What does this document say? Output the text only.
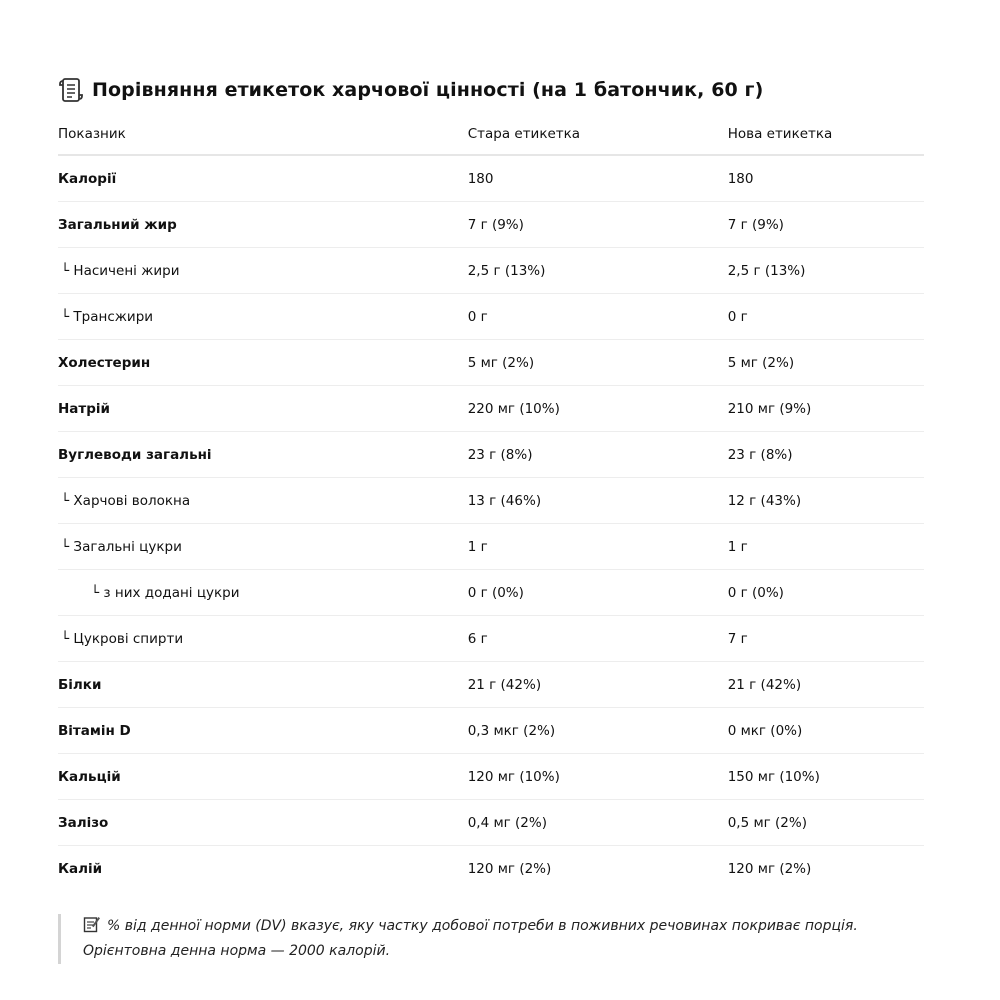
Порівняння етикеток харчової цінності (на 1 батончик, 60 г)
Показник	Стара етикетка	Нова етикетка
Калорії	180	180
Загальний жир	7 г (9%)	7 г (9%)
└ Насичені жири	2,5 г (13%)	2,5 г (13%)
└ Трансжири	0 г	0 г
Холестерин	5 мг (2%)	5 мг (2%)
Натрій	220 мг (10%)	210 мг (9%)
Вуглеводи загальні	23 г (8%)	23 г (8%)
└ Харчові волокна	13 г (46%)	12 г (43%)
└ Загальні цукри	1 г	1 г
└ з них додані цукри	0 г (0%)	0 г (0%)
└ Цукрові спирти	6 г	7 г
Білки	21 г (42%)	21 г (42%)
Вітамін D	0,3 мкг (2%)	0 мкг (0%)
Кальцій	120 мг (10%)	150 мг (10%)
Залізо	0,4 мг (2%)	0,5 мг (2%)
Калій	120 мг (2%)	120 мг (2%)
% від денної норми (DV) вказує, яку частку добової потреби в поживних речовинах покриває порція. Орієнтовна денна норма — 2000 калорій.
